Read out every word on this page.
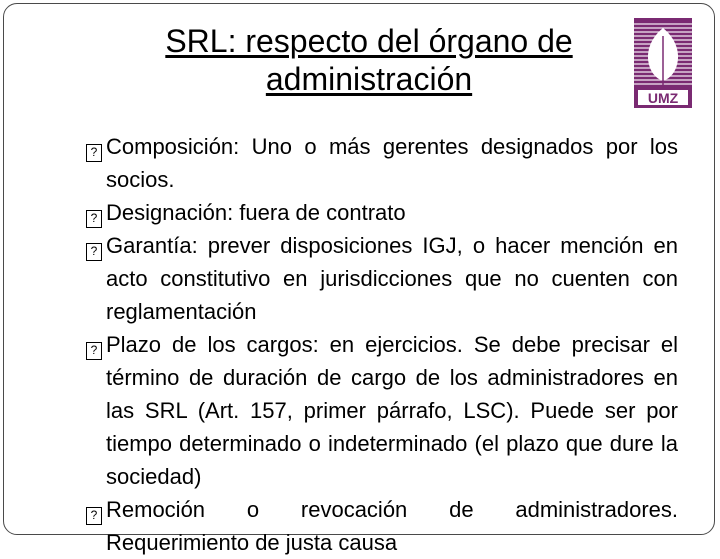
SRL: respecto del órgano de
administración
UMZ

? Composición: Uno o más gerentes designados por los socios.

? Designación: fuera de contrato

? Garantía: prever disposiciones IGJ, o hacer mención en acto constitutivo en jurisdicciones que no cuenten con reglamentación

? Plazo de los cargos: en ejercicios. Se debe precisar el término de duración de cargo de los administradores en las SRL (Art. 157, primer párrafo, LSC). Puede ser por tiempo determinado o indeterminado (el plazo que dure la sociedad)

? Remoción o revocación de administradores. Requerimiento de justa causa
